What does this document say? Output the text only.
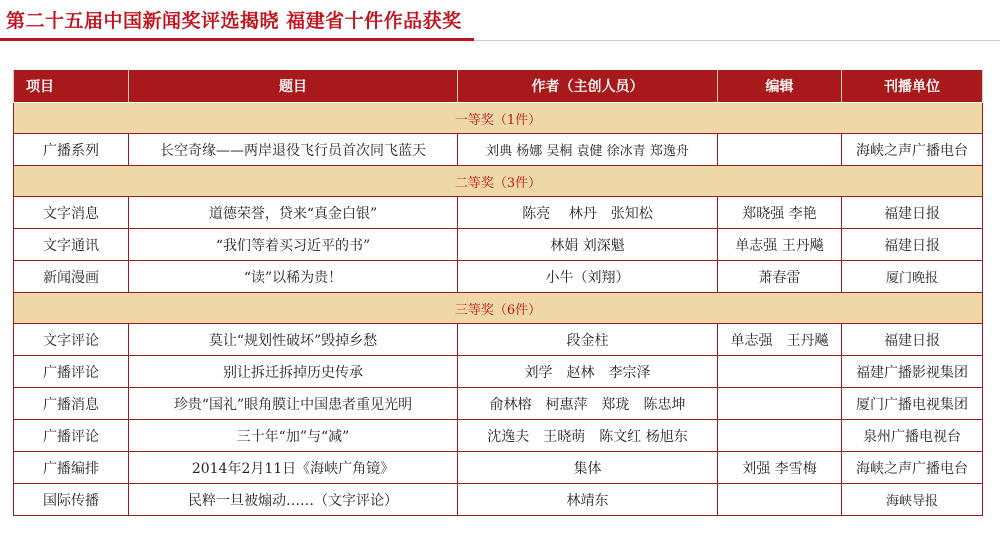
第二十五届中国新闻奖评选揭晓 福建省十件作品获奖
项目	题目	作者（主创人员）	编辑	刊播单位
一等奖（1件）				
广播系列	长空奇缘——两岸退役飞行员首次同飞蓝天	刘典 杨娜 吴桐 袁健 徐冰青 郑逸舟		海峡之声广播电台
二等奖（3件）				
文字消息	道德荣誉，贷来“真金白银”	陈亮　 林丹　张知松	郑晓强 李艳	福建日报
文字通讯	“我们等着买习近平的书”	林娟 刘深魁	单志强 王丹飚	福建日报
新闻漫画	“读”以稀为贵！	小牛（刘翔）	萧春雷	厦门晚报
三等奖（6件）				
文字评论	莫让“规划性破坏”毁掉乡愁	段金柱	单志强　王丹飚	福建日报
广播评论	别让拆迁拆掉历史传承	刘学　赵林　李宗泽		福建广播影视集团
广播消息	珍贵“国礼”眼角膜让中国患者重见光明	俞林榕　柯惠萍　郑珑　陈忠坤		厦门广播电视集团
广播评论	三十年“加”与“减”	沈逸夫　王晓萌　陈文红 杨旭东		泉州广播电视台
广播编排	2014年2月11日《海峡广角镜》	集体	刘强 李雪梅	海峡之声广播电台
国际传播	民粹一旦被煽动……（文字评论）	林靖东		海峡导报
